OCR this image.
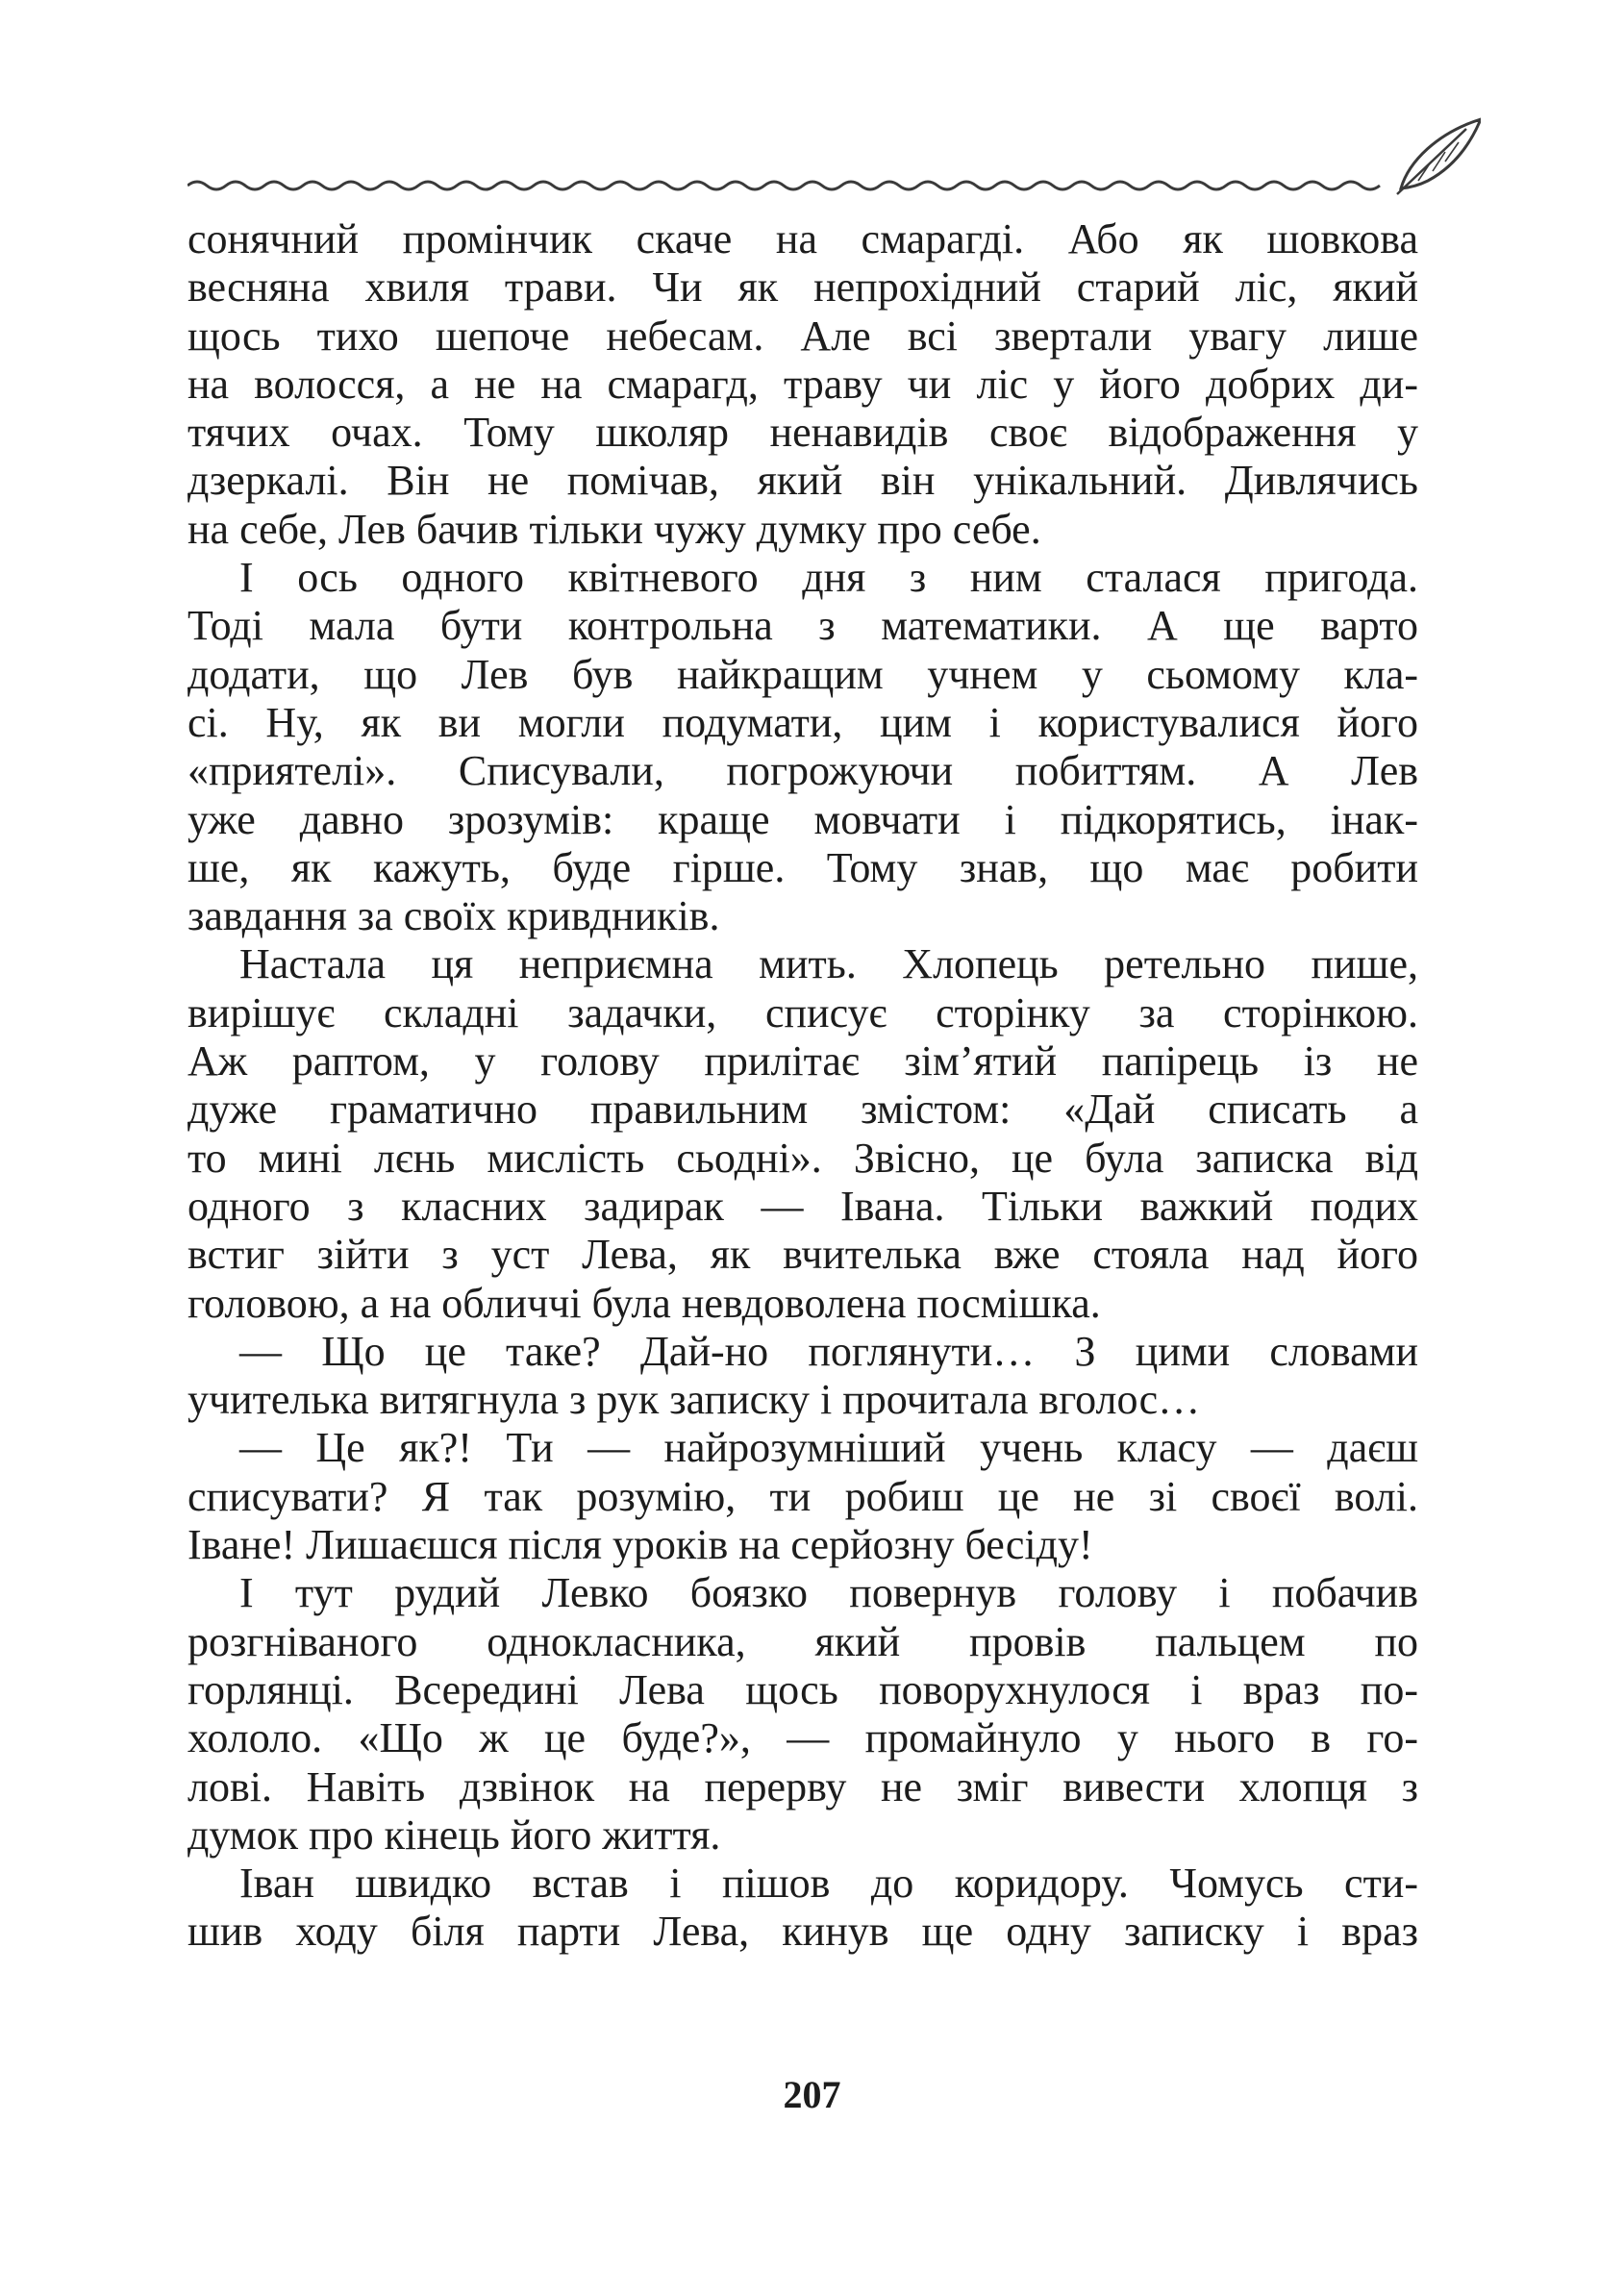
сонячний промінчик скаче на смарагді. Або як шовкова
весняна хвиля трави. Чи як непрохідний старий ліс, який
щось тихо шепоче небесам. Але всі звертали увагу лише
на волосся, а не на смарагд, траву чи ліс у його добрих ди-
тячих очах. Тому школяр ненавидів своє відображення у
дзеркалі. Він не помічав, який він унікальний. Дивлячись
на себе, Лев бачив тільки чужу думку про себе.
І ось одного квітневого дня з ним сталася пригода.
Тоді мала бути контрольна з математики. А ще варто
додати, що Лев був найкращим учнем у сьомому кла-
сі. Ну, як ви могли подумати, цим і користувалися його
«приятелі». Списували, погрожуючи побиттям. А Лев
уже давно зрозумів: краще мовчати і підкорятись, інак-
ше, як кажуть, буде гірше. Тому знав, що має робити
завдання за своїх кривдників.
Настала ця неприємна мить. Хлопець ретельно пише,
вирішує складні задачки, списує сторінку за сторінкою.
Аж раптом, у голову прилітає зім’ятий папірець із не
дуже граматично правильним змістом: «Дай списать а
то мині лєнь мислість сьодні». Звісно, це була записка від
одного з класних задирак — Івана. Тільки важкий подих
встиг зійти з уст Лева, як вчителька вже стояла над його
головою, а на обличчі була невдоволена посмішка.
— Що це таке? Дай-но поглянути… З цими словами
учителька витягнула з рук записку і прочитала вголос…
— Це як?! Ти — найрозумніший учень класу — даєш
списувати? Я так розумію, ти робиш це не зі своєї волі.
Іване! Лишаєшся після уроків на серйозну бесіду!
І тут рудий Левко боязко повернув голову і побачив
розгніваного однокласника, який провів пальцем по
горлянці. Всередині Лева щось поворухнулося і враз по-
хололо. «Що ж це буде?», — промайнуло у нього в го-
лові. Навіть дзвінок на перерву не зміг вивести хлопця з
думок про кінець його життя.
Іван швидко встав і пішов до коридору. Чомусь сти-
шив ходу біля парти Лева, кинув ще одну записку і враз
207
